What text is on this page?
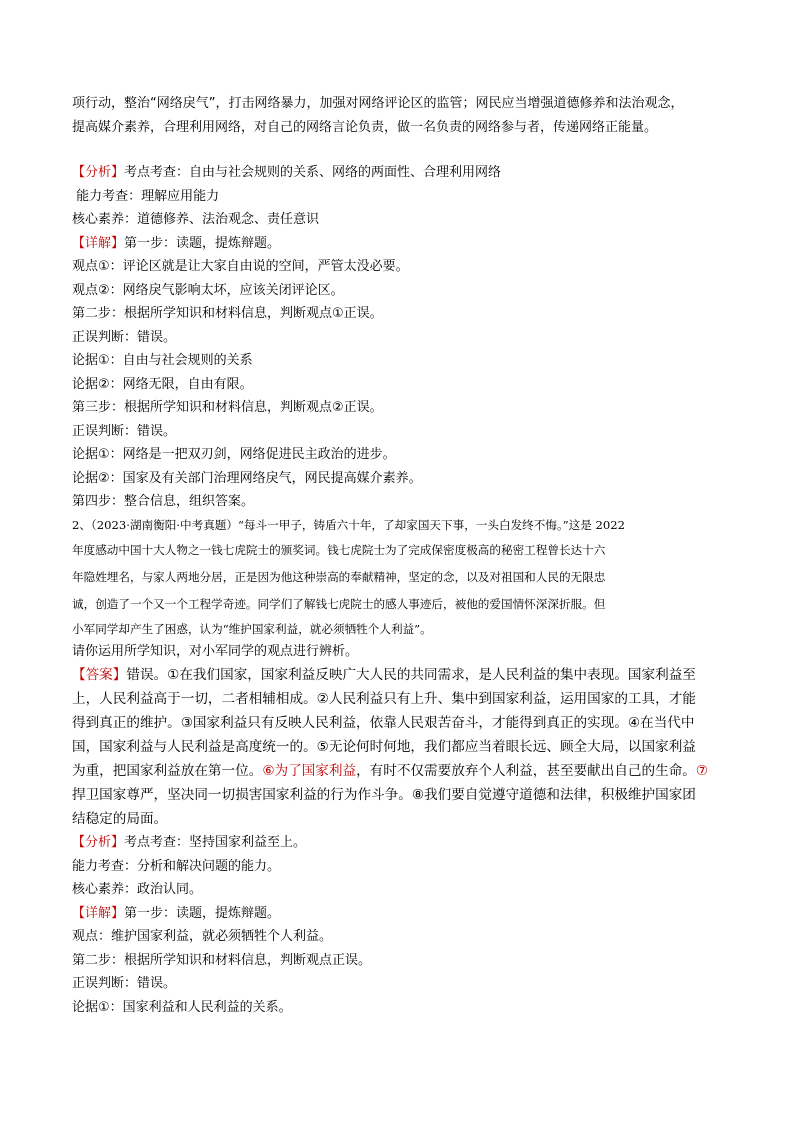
项行动，整治“网络戾气”，打击网络暴力，加强对网络评论区的监管；网民应当增强道德修养和法治观念，
提高媒介素养，合理利用网络，对自己的网络言论负责，做一名负责的网络参与者，传递网络正能量。
【分析】考点考查：自由与社会规则的关系、网络的两面性、合理利用网络
能力考查：理解应用能力
核心素养：道德修养、法治观念、责任意识
【详解】第一步：读题，提炼辩题。
观点①：评论区就是让大家自由说的空间，严管太没必要。
观点②：网络戾气影响太坏，应该关闭评论区。
第二步：根据所学知识和材料信息，判断观点①正误。
正误判断：错误。
论据①：自由与社会规则的关系
论据②：网络无限，自由有限。
第三步：根据所学知识和材料信息，判断观点②正误。
正误判断：错误。
论据①：网络是一把双刃剑，网络促进民主政治的进步。
论据②：国家及有关部门治理网络戾气，网民提高媒介素养。
第四步：整合信息，组织答案。
2、（2023·湖南衡阳·中考真题）“每斗一甲子，铸盾六十年，了却家国天下事，一头白发终不悔。”这是 2022
年度感动中国十大人物之一钱七虎院士的颁奖词。钱七虎院士为了完成保密度极高的秘密工程曾长达十六
年隐姓埋名，与家人两地分居，正是因为他这种崇高的奉献精神，坚定的念，以及对祖国和人民的无限忠
诚，创造了一个又一个工程学奇迹。同学们了解钱七虎院士的感人事迹后，被他的爱国情怀深深折服。但
小军同学却产生了困惑，认为“维护国家利益，就必须牺牲个人利益”。
请你运用所学知识，对小军同学的观点进行辨析。
【答案】错误。①在我们国家，国家利益反映广大人民的共同需求，是人民利益的集中表现。国家利益至
上，人民利益高于一切，二者相辅相成。②人民利益只有上升、集中到国家利益，运用国家的工具，才能
得到真正的维护。③国家利益只有反映人民利益，依靠人民艰苦奋斗，才能得到真正的实现。④在当代中
国，国家利益与人民利益是高度统一的。⑤无论何时何地，我们都应当着眼长远、顾全大局，以国家利益
为重，把国家利益放在第一位。⑥为了国家利益，有时不仅需要放弃个人利益，甚至要献出自己的生命。⑦
捍卫国家尊严，坚决同一切损害国家利益的行为作斗争。⑧我们要自觉遵守道德和法律，积极维护国家团
结稳定的局面。
【分析】考点考查：坚持国家利益至上。
能力考查：分析和解决问题的能力。
核心素养：政治认同。
【详解】第一步：读题，提炼辩题。
观点：维护国家利益，就必须牺牲个人利益。
第二步：根据所学知识和材料信息，判断观点正误。
正误判断：错误。
论据①：国家利益和人民利益的关系。
